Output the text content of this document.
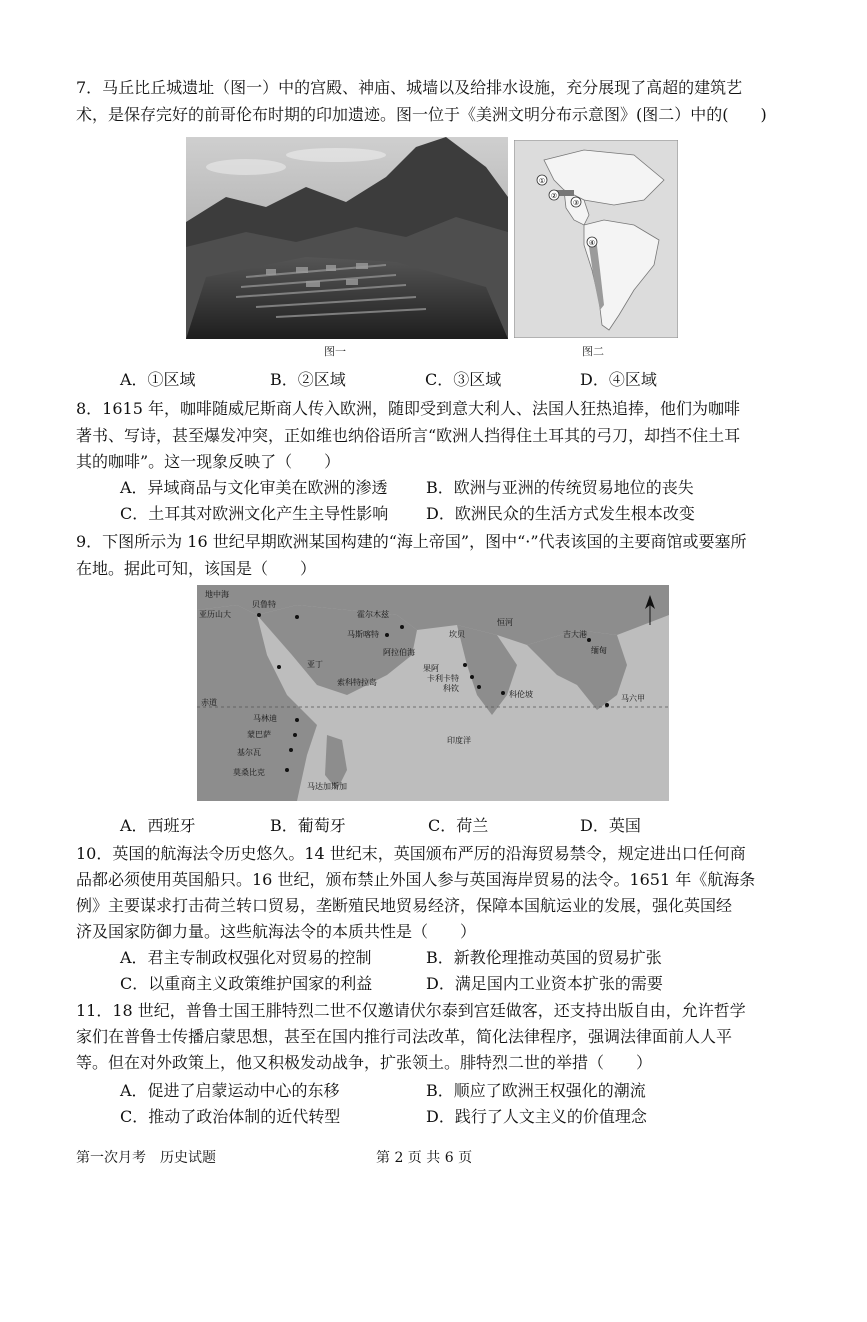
7．马丘比丘城遗址（图一）中的宫殿、神庙、城墙以及给排水设施，充分展现了高超的建筑艺
术，是保存完好的前哥伦布时期的印加遗迹。图一位于《美洲文明分布示意图》(图二）中的(　　)
图一
①
②
③
④
图二
A．①区域	B．②区域	C．③区域	D．④区域
8．1615 年，咖啡随威尼斯商人传入欧洲，随即受到意大利人、法国人狂热追捧，他们为咖啡
著书、写诗，甚至爆发冲突，正如维也纳俗语所言“欧洲人挡得住土耳其的弓刀，却挡不住土耳
其的咖啡”。这一现象反映了（　　）
A．异域商品与文化审美在欧洲的渗透	B．欧洲与亚洲的传统贸易地位的丧失
C．土耳其对欧洲文化产生主导性影响	D．欧洲民众的生活方式发生根本改变
9．下图所示为 16 世纪早期欧洲某国构建的“海上帝国”，图中“·”代表该国的主要商馆或要塞所
在地。据此可知，该国是（　　）
地中海
亚历山大
贝鲁特
霍尔木兹
马斯喀特	坎贝
恒河
吉大港
缅甸
亚丁
阿拉伯海
果阿
卡利卡特
科钦
科伦坡
索科特拉岛
赤道
马林迪
蒙巴萨
基尔瓦
莫桑比克
马达加斯加
印度洋
马六甲
A．西班牙	B．葡萄牙	C．荷兰	D．英国
10．英国的航海法令历史悠久。14 世纪末，英国颁布严厉的沿海贸易禁令，规定进出口任何商
品都必须使用英国船只。16 世纪，颁布禁止外国人参与英国海岸贸易的法令。1651 年《航海条
例》主要谋求打击荷兰转口贸易，垄断殖民地贸易经济，保障本国航运业的发展，强化英国经
济及国家防御力量。这些航海法令的本质共性是（　　）
A．君主专制政权强化对贸易的控制	B．新教伦理推动英国的贸易扩张
C．以重商主义政策维护国家的利益	D．满足国内工业资本扩张的需要
11．18 世纪，普鲁士国王腓特烈二世不仅邀请伏尔泰到宫廷做客，还支持出版自由，允许哲学
家们在普鲁士传播启蒙思想，甚至在国内推行司法改革，简化法律程序，强调法律面前人人平
等。但在对外政策上，他又积极发动战争，扩张领土。腓特烈二世的举措（　　）
A．促进了启蒙运动中心的东移	B．顺应了欧洲王权强化的潮流
C．推动了政治体制的近代转型	D．践行了人文主义的价值理念
第一次月考　历史试题	第 2 页 共 6 页
